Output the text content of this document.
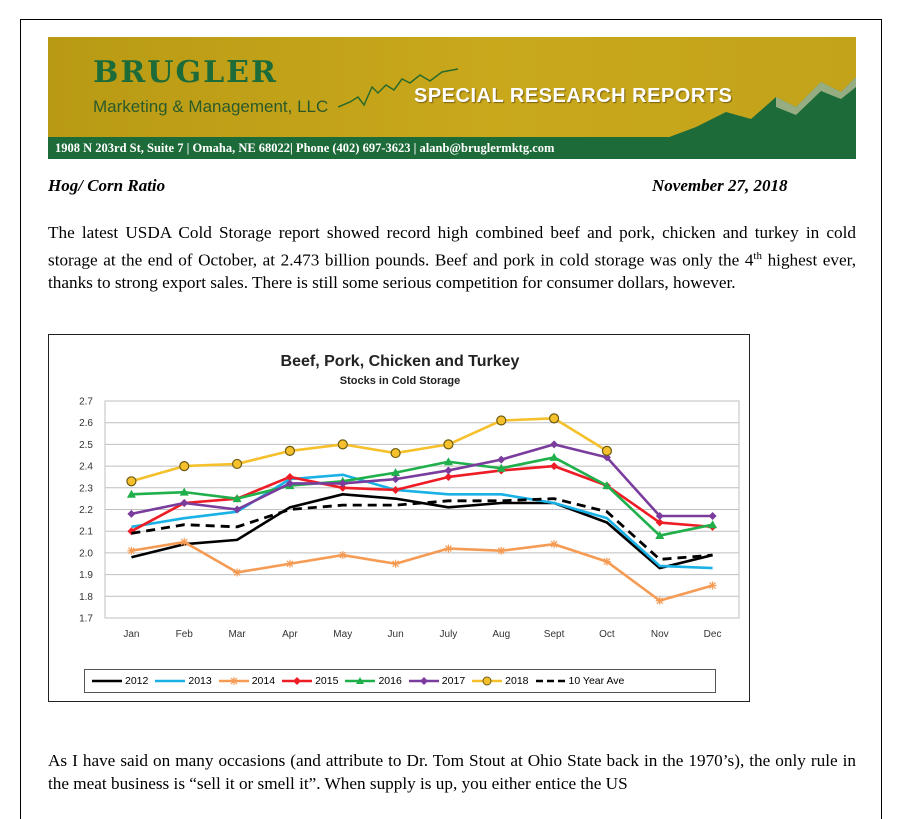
BRUGLER
Marketing & Management, LLC	SPECIAL RESEARCH REPORTS
1908 N 203rd St, Suite 7 | Omaha, NE 68022| Phone (402) 697-3623 | alanb@bruglermktg.com
Hog/ Corn Ratio	November 27, 2018

The latest USDA Cold Storage report showed record high combined beef and pork, chicken and turkey in cold storage at the end of October, at 2.473 billion pounds. Beef and pork in cold storage was only the 4th highest ever, thanks to strong export sales. There is still some serious competition for consumer dollars, however.

Beef, Pork, Chicken and Turkey
Stocks in Cold Storage
1.7
1.8
1.9
2.0
2.1
2.2
2.3
2.4
2.5
2.6
2.7
Jan	Feb	Mar	Apr	May	Jun	July	Aug	Sept	Oct	Nov	Dec
2012	2013	2014	2015	2016	2017	2018	10 Year Ave

As I have said on many occasions (and attribute to Dr. Tom Stout at Ohio State back in the 1970’s), the only rule in the meat business is “sell it or smell it”. When supply is up, you either entice the US
